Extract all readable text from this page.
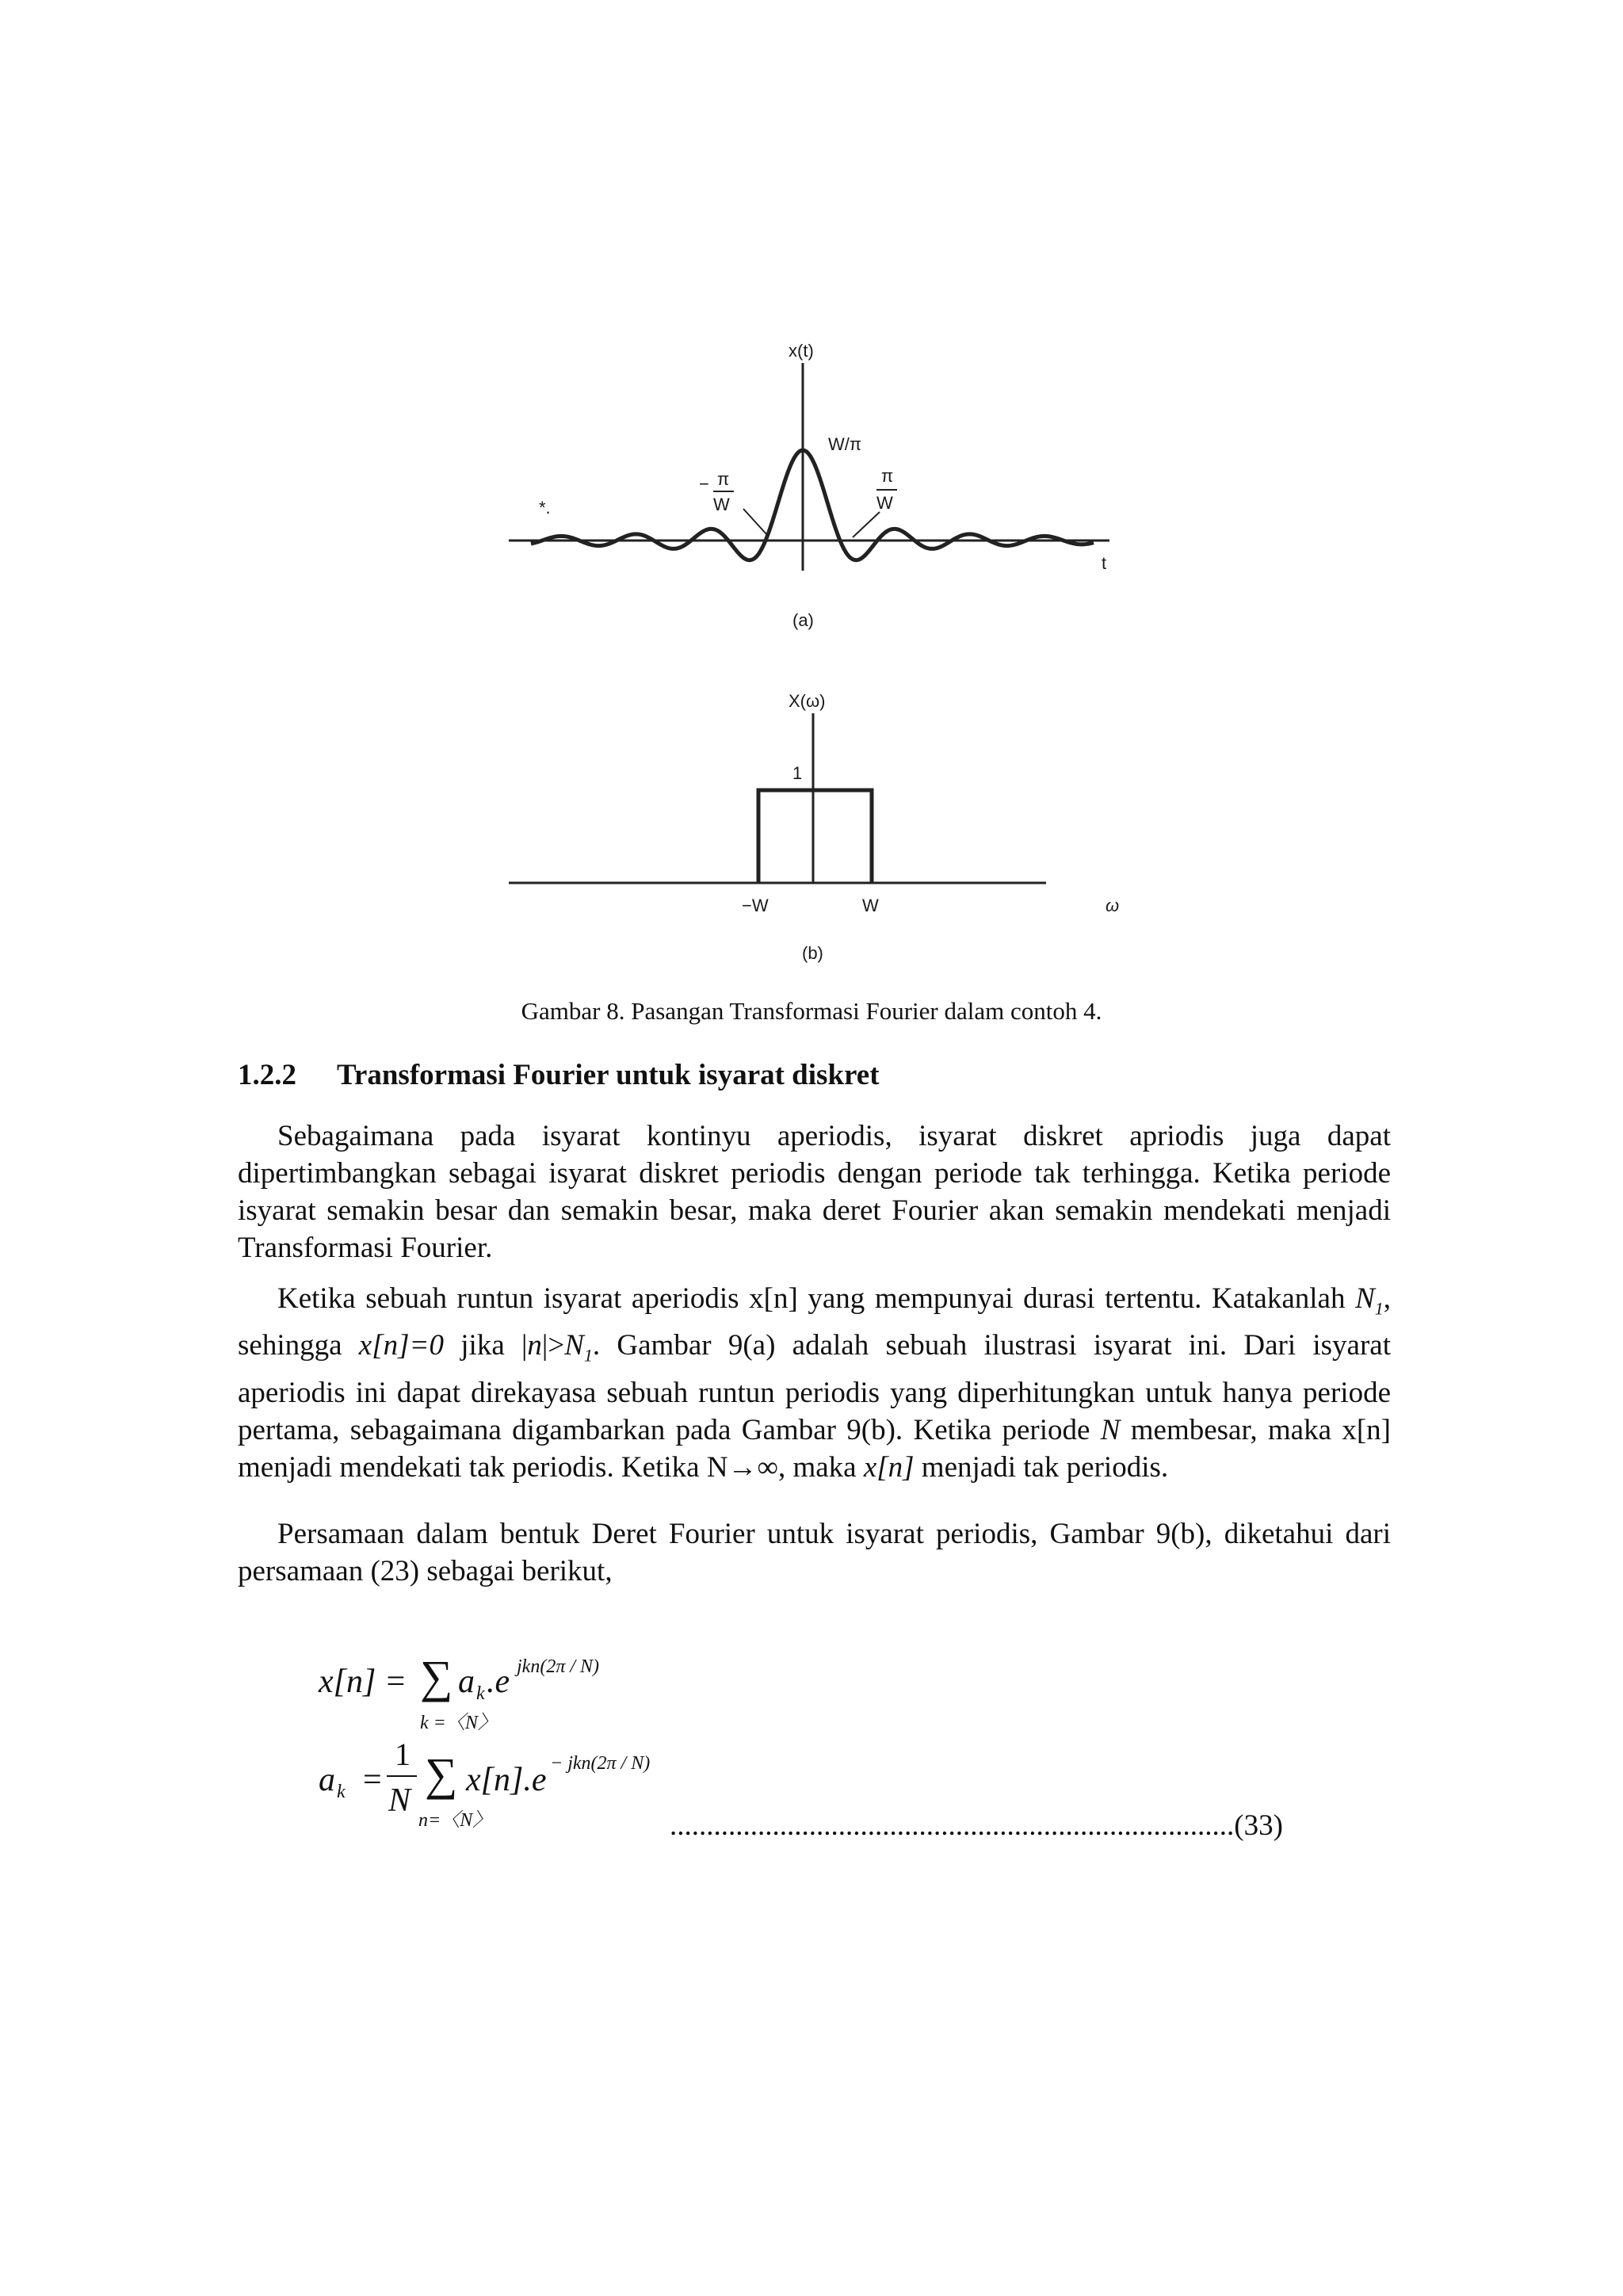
x(t)
W/π
− π
W
π
W
t
*.
(a)
X(ω)
1
−W	W	ω
(b)
Gambar 8. Pasangan Transformasi Fourier dalam contoh 4.
1.2.2 Transformasi Fourier untuk isyarat diskret
Sebagaimana pada isyarat kontinyu aperiodis, isyarat diskret apriodis juga dapat dipertimbangkan sebagai isyarat diskret periodis dengan periode tak terhingga. Ketika periode isyarat semakin besar dan semakin besar, maka deret Fourier akan semakin mendekati menjadi Transformasi Fourier.
Ketika sebuah runtun isyarat aperiodis x[n] yang mempunyai durasi tertentu. Katakanlah $N_1$, sehingga x[n]=0 jika $|n|>N_1$. Gambar 9(a) adalah sebuah ilustrasi isyarat ini. Dari isyarat aperiodis ini dapat direkayasa sebuah runtun periodis yang diperhitungkan untuk hanya periode pertama, sebagaimana digambarkan pada Gambar 9(b). Ketika periode N membesar, maka x[n] menjadi mendekati tak periodis. Ketika N→∞, maka x[n] menjadi tak periodis.
Persamaan dalam bentuk Deret Fourier untuk isyarat periodis, Gambar 9(b), diketahui dari persamaan (23) sebagai berikut,
x[n] = ∑ a k .e jkn(2π / N)
k =〈N〉
a k =
1
N
∑ x[n].e − jkn(2π / N)
n=〈N〉	.............................................................................(33)
